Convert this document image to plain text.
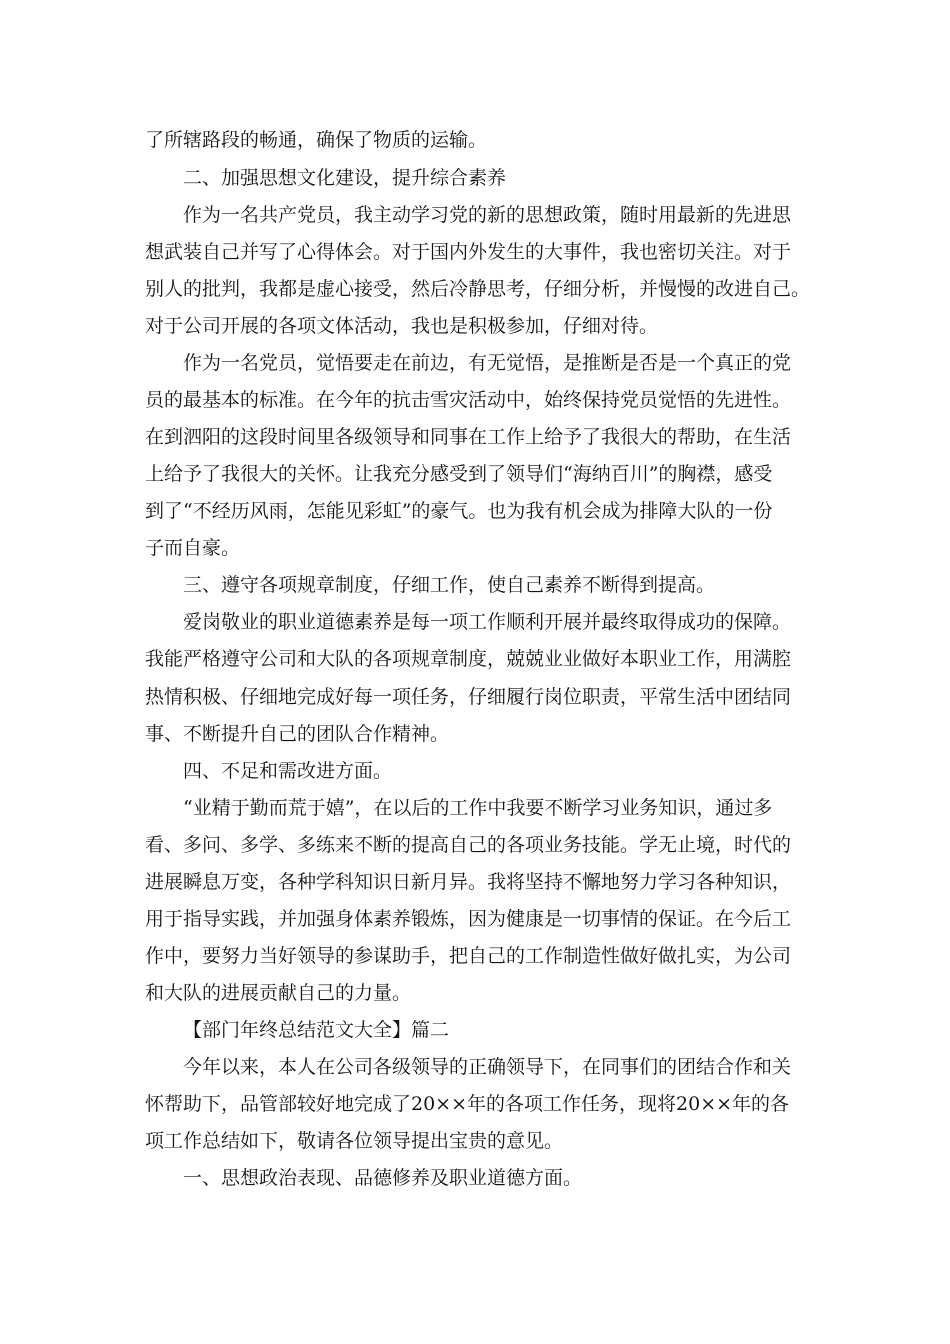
了所辖路段的畅通，确保了物质的运输。

二、加强思想文化建设，提升综合素养

作为一名共产党员，我主动学习党的新的思想政策，随时用最新的先进思

想武装自己并写了心得体会。对于国内外发生的大事件，我也密切关注。对于

别人的批判，我都是虚心接受，然后冷静思考，仔细分析，并慢慢的改进自己。

对于公司开展的各项文体活动，我也是积极参加，仔细对待。

作为一名党员，觉悟要走在前边，有无觉悟，是推断是否是一个真正的党

员的最基本的标准。在今年的抗击雪灾活动中，始终保持党员觉悟的先进性。

在到泗阳的这段时间里各级领导和同事在工作上给予了我很大的帮助，在生活

上给予了我很大的关怀。让我充分感受到了领导们“海纳百川”的胸襟，感受

到了“不经历风雨，怎能见彩虹”的豪气。也为我有机会成为排障大队的一份

子而自豪。

三、遵守各项规章制度，仔细工作，使自己素养不断得到提高。

爱岗敬业的职业道德素养是每一项工作顺利开展并最终取得成功的保障。

我能严格遵守公司和大队的各项规章制度，兢兢业业做好本职业工作，用满腔

热情积极、仔细地完成好每一项任务，仔细履行岗位职责，平常生活中团结同

事、不断提升自己的团队合作精神。

四、不足和需改进方面。

“业精于勤而荒于嬉”，在以后的工作中我要不断学习业务知识，通过多

看、多问、多学、多练来不断的提高自己的各项业务技能。学无止境，时代的

进展瞬息万变，各种学科知识日新月异。我将坚持不懈地努力学习各种知识，

用于指导实践，并加强身体素养锻炼，因为健康是一切事情的保证。在今后工

作中，要努力当好领导的参谋助手，把自己的工作制造性做好做扎实，为公司

和大队的进展贡献自己的力量。

【部门年终总结范文大全】篇二

今年以来，本人在公司各级领导的正确领导下，在同事们的团结合作和关

怀帮助下，品管部较好地完成了20××年的各项工作任务，现将20××年的各

项工作总结如下，敬请各位领导提出宝贵的意见。

一、思想政治表现、品德修养及职业道德方面。
